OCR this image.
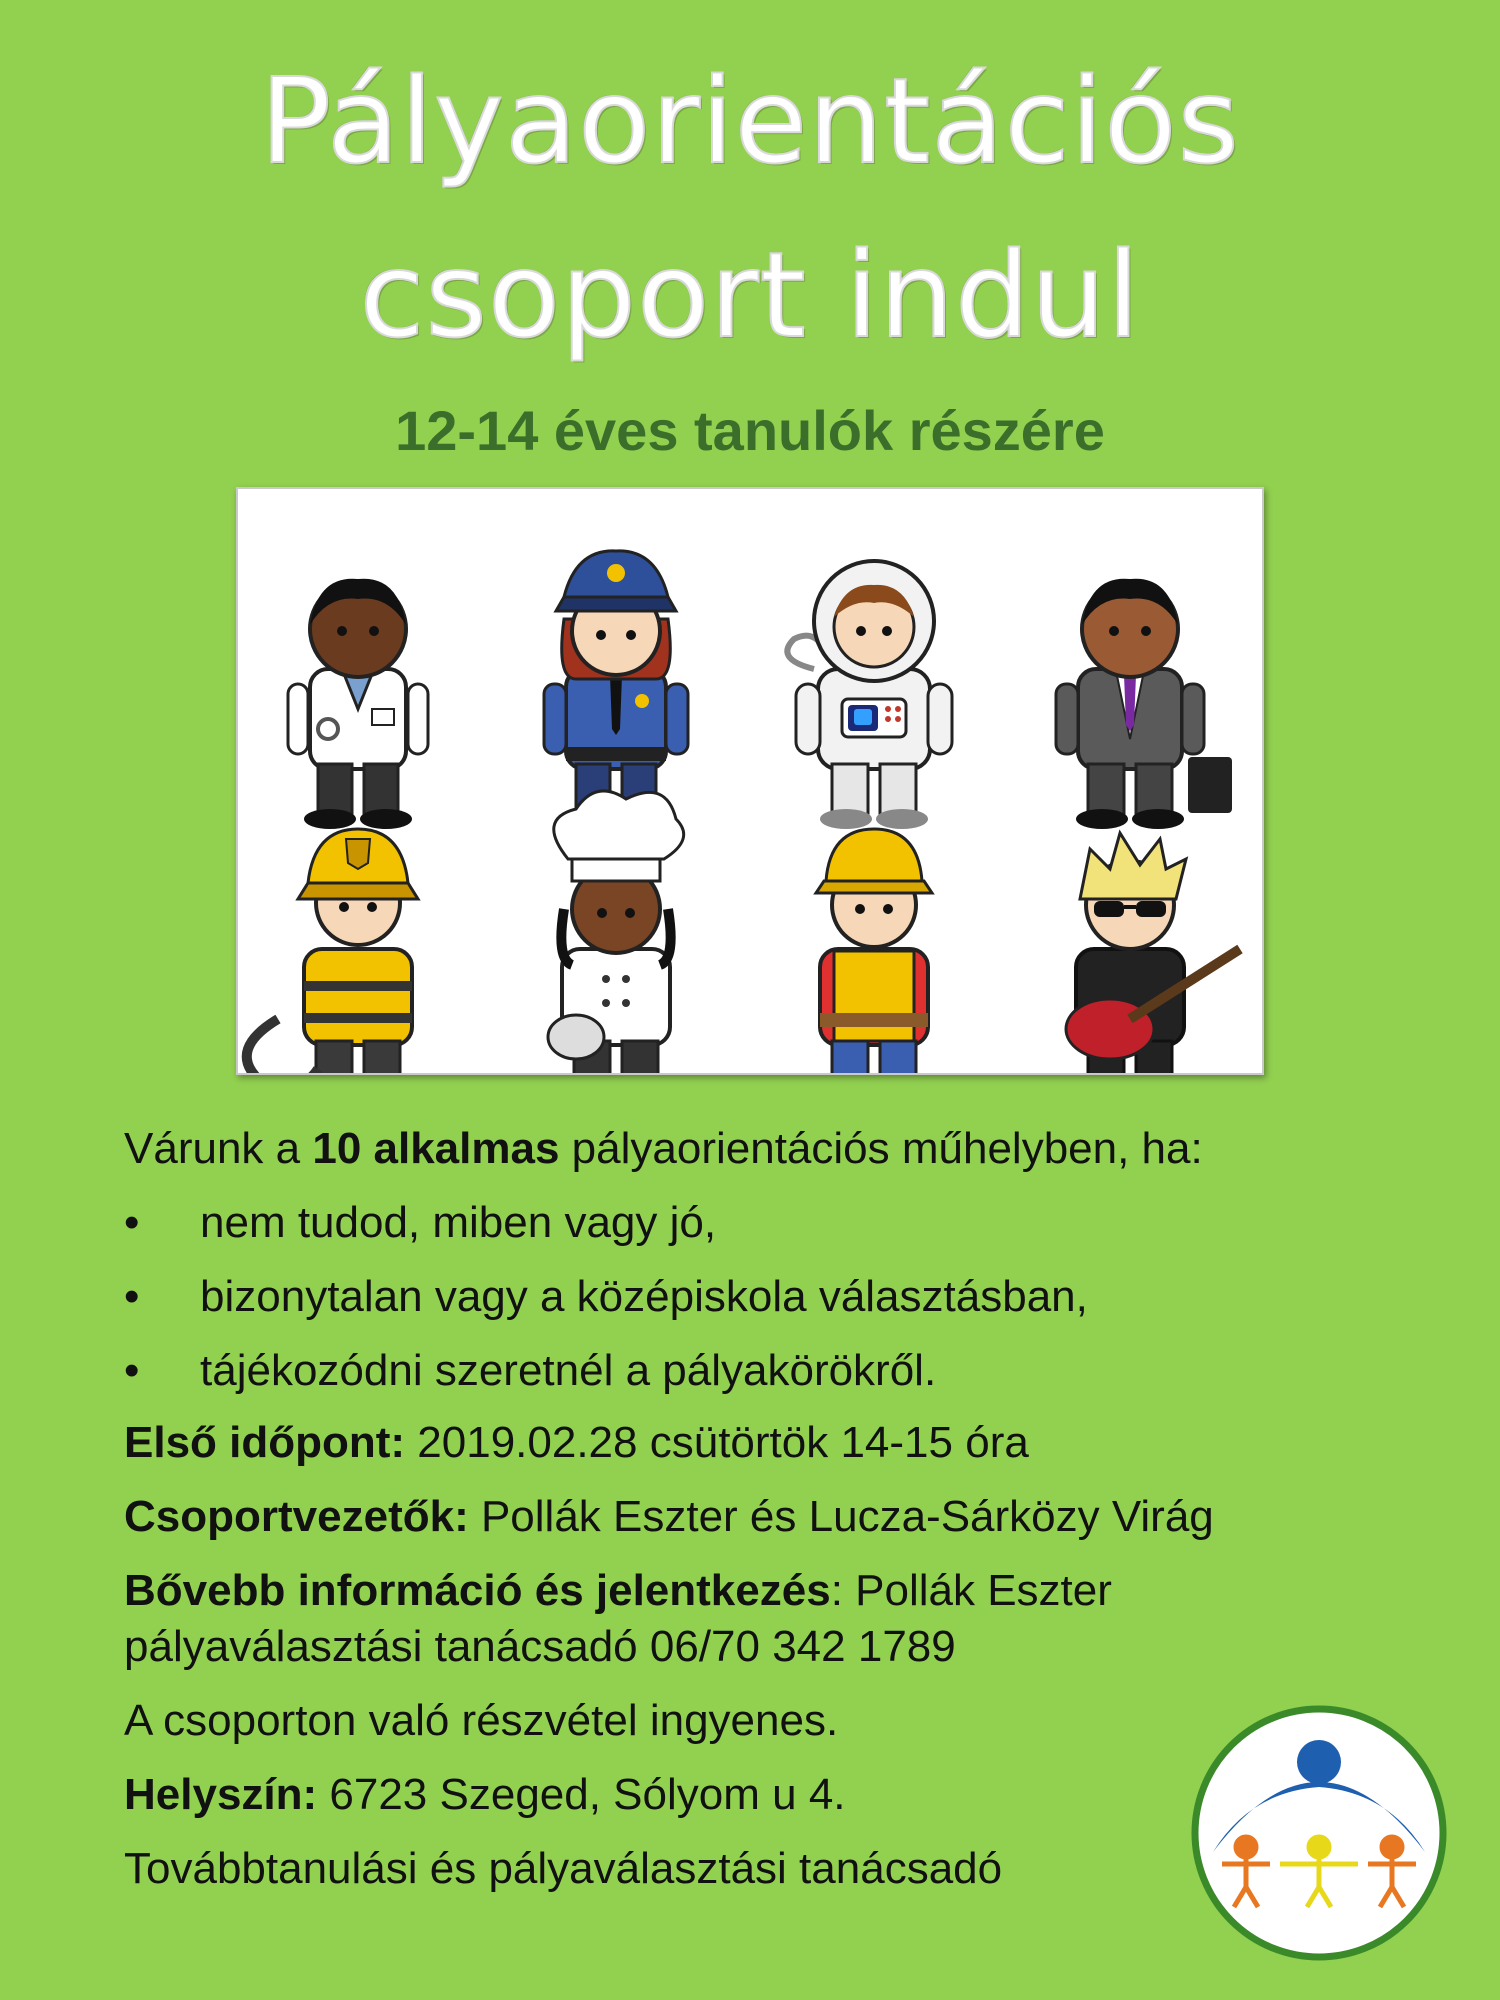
Pályaorientációs
csoport indul
12-14 éves tanulók részére
Várunk a 10 alkalmas pályaorientációs műhelyben, ha:
• nem tudod, miben vagy jó,
• bizonytalan vagy a középiskola választásban,
• tájékozódni szeretnél a pályakörökről.
Első időpont: 2019.02.28 csütörtök 14-15 óra
Csoportvezetők: Pollák Eszter és Lucza-Sárközy Virág
Bővebb információ és jelentkezés: Pollák Eszter
pályaválasztási tanácsadó 06/70 342 1789
A csoporton való részvétel ingyenes.
Helyszín: 6723 Szeged, Sólyom u 4.
Továbbtanulási és pályaválasztási tanácsadó
